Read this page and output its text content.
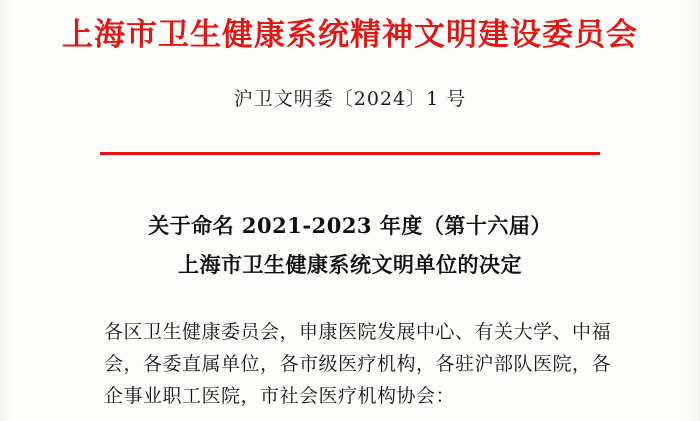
上海市卫生健康系统精神文明建设委员会
沪卫文明委〔2024〕1 号
关于命名 2021-2023 年度（第十六届）
上海市卫生健康系统文明单位的决定
各区卫生健康委员会，申康医院发展中心、有关大学、中福
会，各委直属单位，各市级医疗机构，各驻沪部队医院，各
企事业职工医院，市社会医疗机构协会：
